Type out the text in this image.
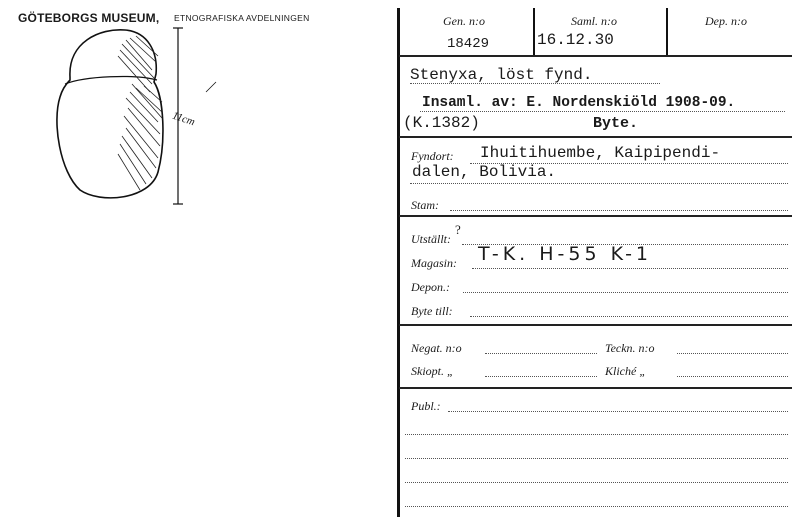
GÖTEBORGS MUSEUM, ETNOGRAFISKA AVDELNINGEN
11cm
Gen. n:o
18429
Saml. n:o
16.12.30
Dep. n:o
Stenyxa, löst fynd.
Insaml. av: E. Nordenskiöld 1908-09.
(K.1382)	Byte.
Fyndort: Ihuitihuembe, Kaipipendi-
dalen, Bolivia.
Stam:
Utställt:
?
Magasin: T-K. H-55 K-1
Depon.:
Byte till:
Negat. n:o	Teckn. n:o
Skiopt. „	Kliché „
Publ.:
